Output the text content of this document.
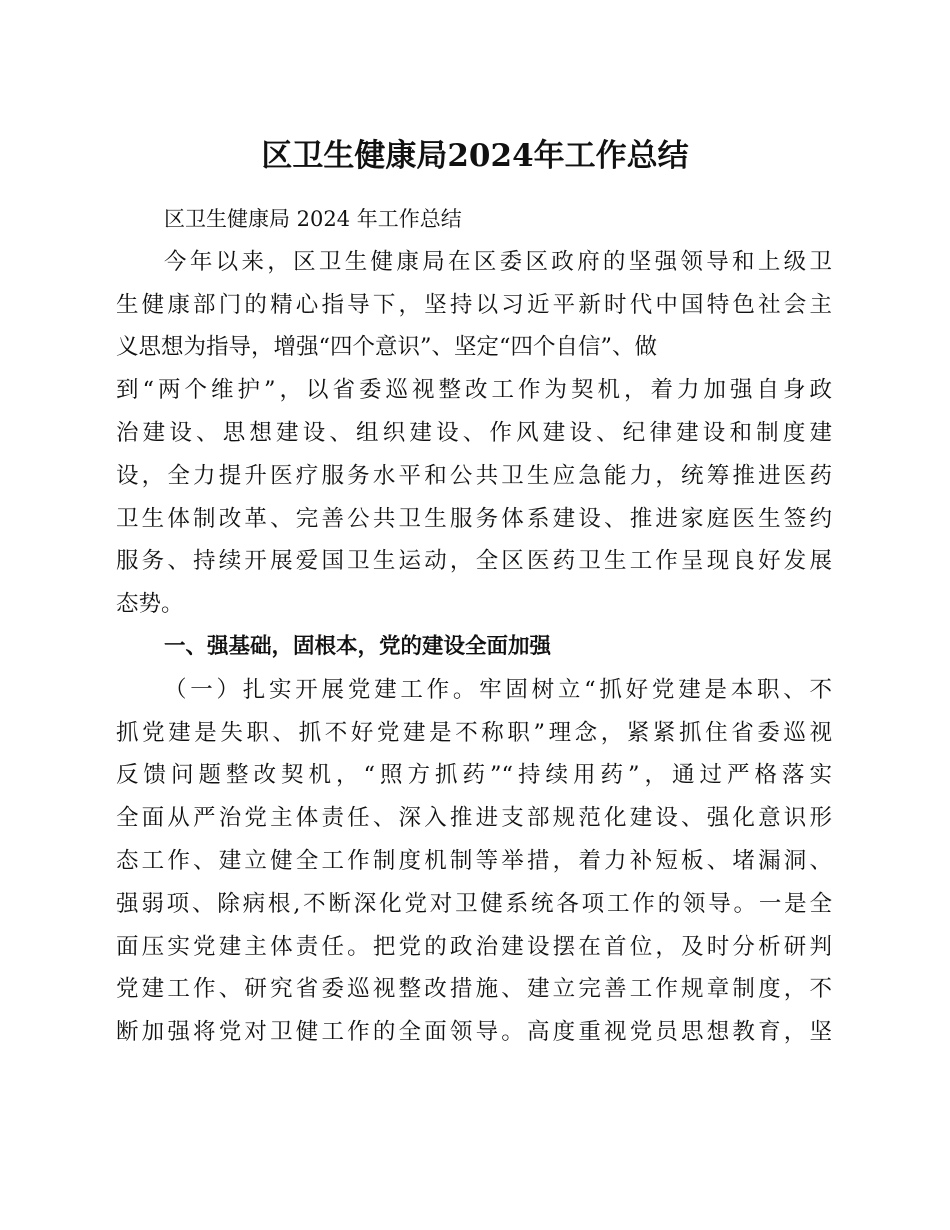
区卫生健康局2024年工作总结
区卫生健康局 2024 年工作总结
今年以来，区卫生健康局在区委区政府的坚强领导和上级卫
生健康部门的精心指导下，坚持以习近平新时代中国特色社会主
义思想为指导，增强“四个意识”、坚定“四个自信”、做
到“两个维护”，以省委巡视整改工作为契机，着力加强自身政
治建设、思想建设、组织建设、作风建设、纪律建设和制度建
设，全力提升医疗服务水平和公共卫生应急能力，统筹推进医药
卫生体制改革、完善公共卫生服务体系建设、推进家庭医生签约
服务、持续开展爱国卫生运动，全区医药卫生工作呈现良好发展
态势。
一、强基础，固根本，党的建设全面加强
（一）扎实开展党建工作。牢固树立“抓好党建是本职、不
抓党建是失职、抓不好党建是不称职”理念，紧紧抓住省委巡视
反馈问题整改契机，“照方抓药”“持续用药”，通过严格落实
全面从严治党主体责任、深入推进支部规范化建设、强化意识形
态工作、建立健全工作制度机制等举措，着力补短板、堵漏洞、
强弱项、除病根,不断深化党对卫健系统各项工作的领导。一是全
面压实党建主体责任。把党的政治建设摆在首位，及时分析研判
党建工作、研究省委巡视整改措施、建立完善工作规章制度，不
断加强将党对卫健工作的全面领导。高度重视党员思想教育，坚
